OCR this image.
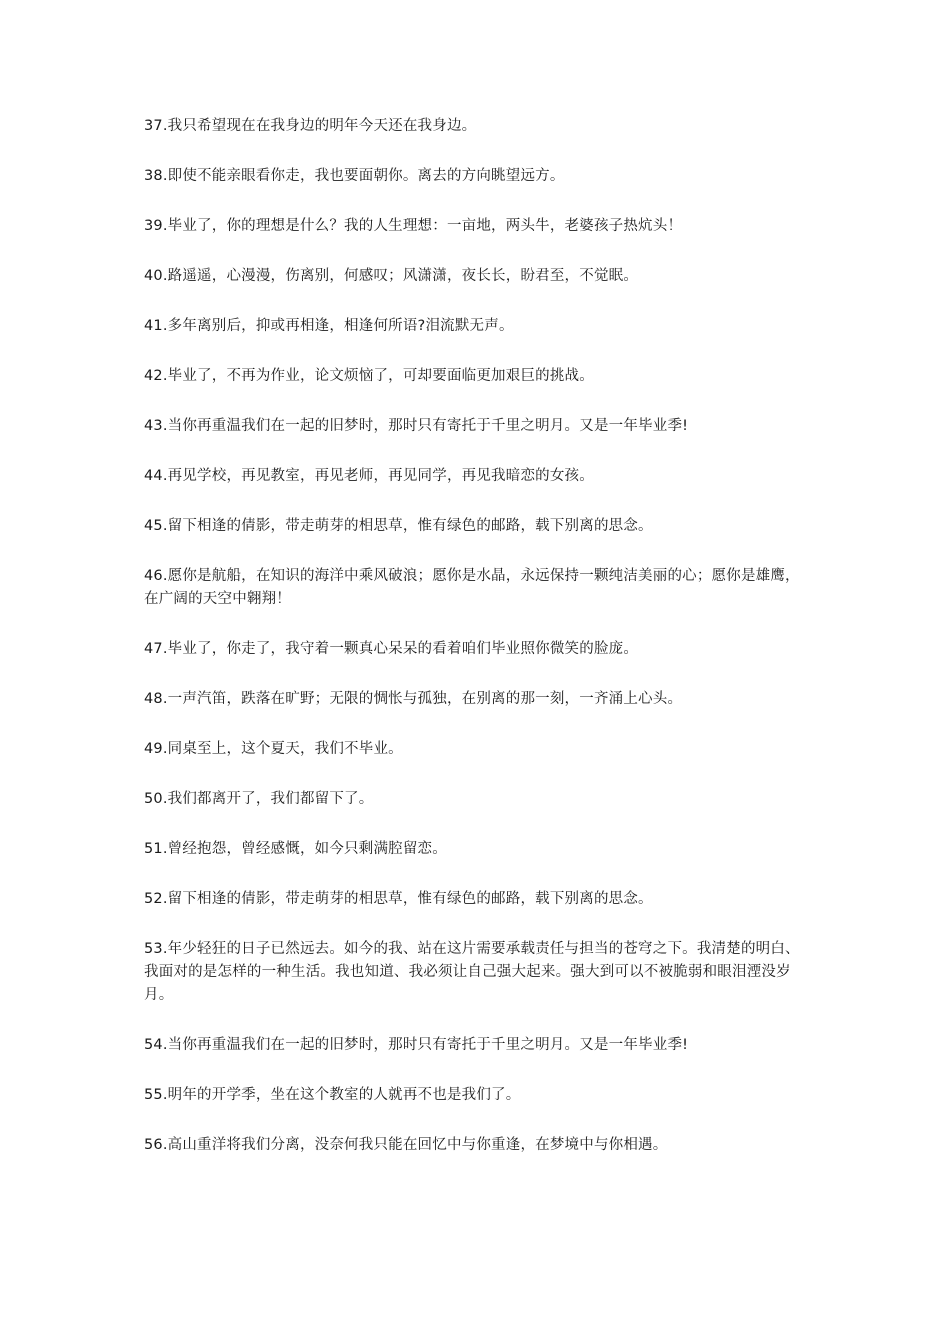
37.我只希望现在在我身边的明年今天还在我身边。

38.即使不能亲眼看你走，我也要面朝你。离去的方向眺望远方。

39.毕业了，你的理想是什么？我的人生理想：一亩地，两头牛，老婆孩子热炕头！

40.路遥遥，心漫漫，伤离别，何感叹；风潇潇，夜长长，盼君至，不觉眠。

41.多年离别后，抑或再相逢，相逢何所语?泪流默无声。

42.毕业了，不再为作业，论文烦恼了，可却要面临更加艰巨的挑战。

43.当你再重温我们在一起的旧梦时，那时只有寄托于千里之明月。又是一年毕业季!

44.再见学校，再见教室，再见老师，再见同学，再见我暗恋的女孩。

45.留下相逢的倩影，带走萌芽的相思草，惟有绿色的邮路，载下别离的思念。

46.愿你是航船，在知识的海洋中乘风破浪；愿你是水晶，永远保持一颗纯洁美丽的心；愿你是雄鹰，在广阔的天空中翱翔！

47.毕业了，你走了，我守着一颗真心呆呆的看着咱们毕业照你微笑的脸庞。

48.一声汽笛，跌落在旷野；无限的惆怅与孤独，在别离的那一刻，一齐涌上心头。

49.同桌至上，这个夏天，我们不毕业。

50.我们都离开了，我们都留下了。

51.曾经抱怨，曾经感慨，如今只剩满腔留恋。

52.留下相逢的倩影，带走萌芽的相思草，惟有绿色的邮路，载下别离的思念。

53.年少轻狂的日子已然远去。如今的我、站在这片需要承载责任与担当的苍穹之下。我清楚的明白、我面对的是怎样的一种生活。我也知道、我必须让自己强大起来。强大到可以不被脆弱和眼泪湮没岁月。

54.当你再重温我们在一起的旧梦时，那时只有寄托于千里之明月。又是一年毕业季!

55.明年的开学季，坐在这个教室的人就再不也是我们了。

56.高山重洋将我们分离，没奈何我只能在回忆中与你重逢，在梦境中与你相遇。
